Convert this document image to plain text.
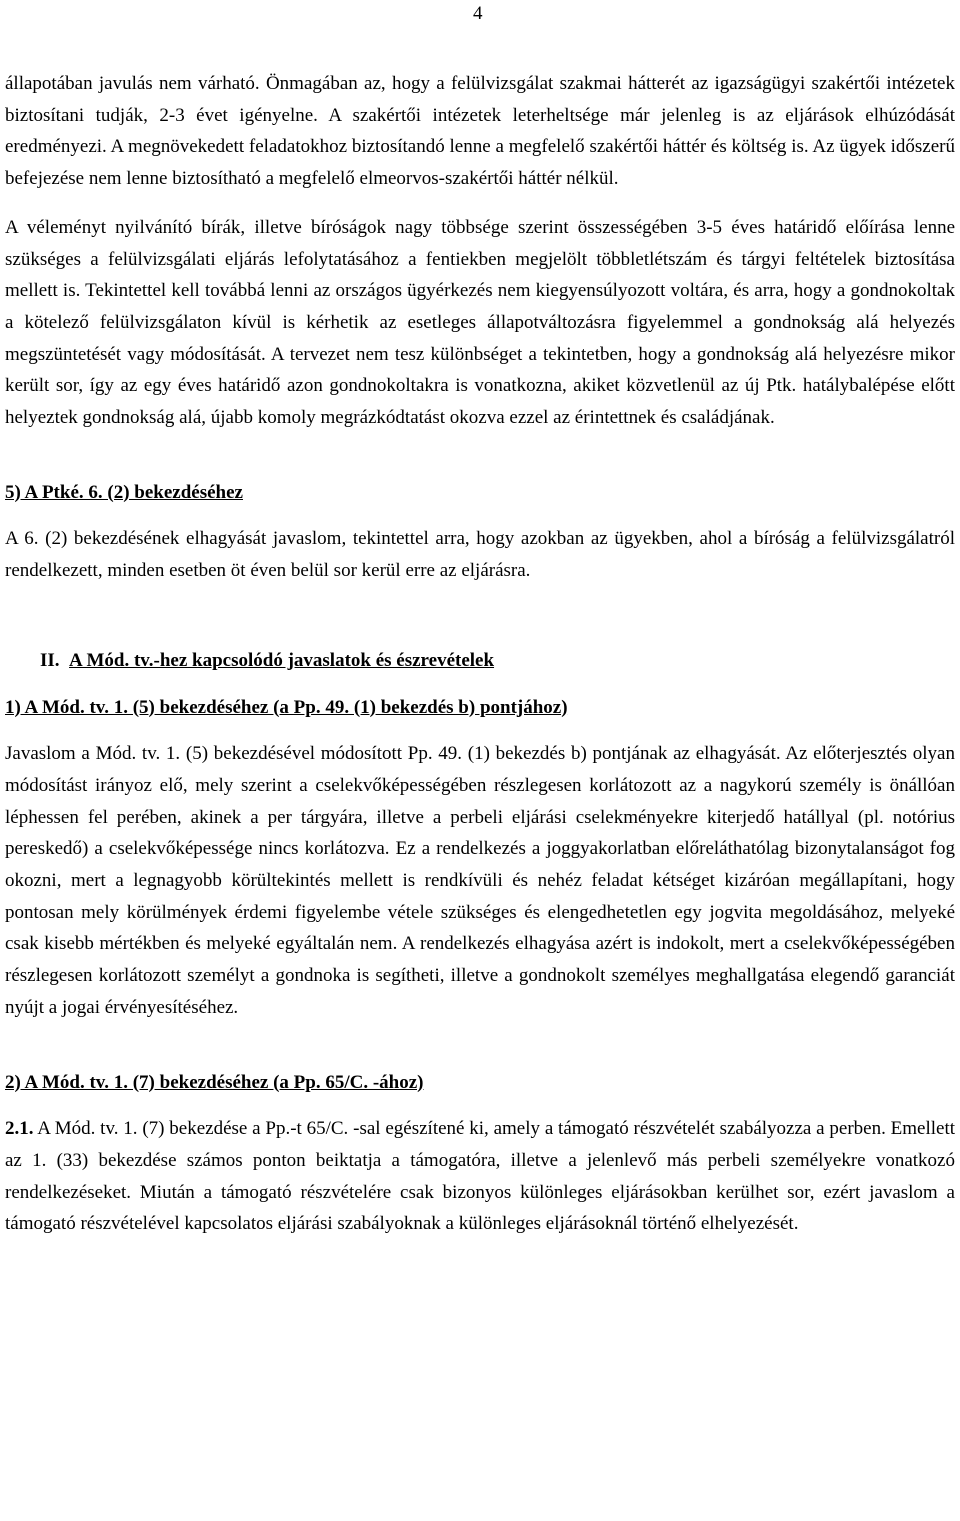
4

állapotában javulás nem várható. Önmagában az, hogy a felülvizsgálat szakmai hátterét az igazságügyi szakértői intézetek biztosítani tudják, 2-3 évet igényelne. A szakértői intézetek leterheltsége már jelenleg is az eljárások elhúzódását eredményezi. A megnövekedett feladatokhoz biztosítandó lenne a megfelelő szakértői háttér és költség is. Az ügyek időszerű befejezése nem lenne biztosítható a megfelelő elmeorvos-szakértői háttér nélkül.

A véleményt nyilvánító bírák, illetve bíróságok nagy többsége szerint összességében 3-5 éves határidő előírása lenne szükséges a felülvizsgálati eljárás lefolytatásához a fentiekben megjelölt többletlétszám és tárgyi feltételek biztosítása mellett is. Tekintettel kell továbbá lenni az országos ügyérkezés nem kiegyensúlyozott voltára, és arra, hogy a gondnokoltak a kötelező felülvizsgálaton kívül is kérhetik az esetleges állapotváltozásra figyelemmel a gondnokság alá helyezés megszüntetését vagy módosítását. A tervezet nem tesz különbséget a tekintetben, hogy a gondnokság alá helyezésre mikor került sor, így az egy éves határidő azon gondnokoltakra is vonatkozna, akiket közvetlenül az új Ptk. hatálybalépése előtt helyeztek gondnokság alá, újabb komoly megrázkódtatást okozva ezzel az érintettnek és családjának.

5) A Ptké. 6. (2) bekezdéséhez

A 6. (2) bekezdésének elhagyását javaslom, tekintettel arra, hogy azokban az ügyekben, ahol a bíróság a felülvizsgálatról rendelkezett, minden esetben öt éven belül sor kerül erre az eljárásra.

II. A Mód. tv.-hez kapcsolódó javaslatok és észrevételek

1) A Mód. tv. 1. (5) bekezdéséhez (a Pp. 49. (1) bekezdés b) pontjához)

Javaslom a Mód. tv. 1. (5) bekezdésével módosított Pp. 49. (1) bekezdés b) pontjának az elhagyását. Az előterjesztés olyan módosítást irányoz elő, mely szerint a cselekvőképességében részlegesen korlátozott az a nagykorú személy is önállóan léphessen fel perében, akinek a per tárgyára, illetve a perbeli eljárási cselekményekre kiterjedő hatállyal (pl. notórius pereskedő) a cselekvőképessége nincs korlátozva. Ez a rendelkezés a joggyakorlatban előreláthatólag bizonytalanságot fog okozni, mert a legnagyobb körültekintés mellett is rendkívüli és nehéz feladat kétséget kizáróan megállapítani, hogy pontosan mely körülmények érdemi figyelembe vétele szükséges és elengedhetetlen egy jogvita megoldásához, melyeké csak kisebb mértékben és melyeké egyáltalán nem. A rendelkezés elhagyása azért is indokolt, mert a cselekvőképességében részlegesen korlátozott személyt a gondnoka is segítheti, illetve a gondnokolt személyes meghallgatása elegendő garanciát nyújt a jogai érvényesítéséhez.

2) A Mód. tv. 1. (7) bekezdéséhez (a Pp. 65/C. -ához)

2.1. A Mód. tv. 1. (7) bekezdése a Pp.-t 65/C. -sal egészítené ki, amely a támogató részvételét szabályozza a perben. Emellett az 1. (33) bekezdése számos ponton beiktatja a támogatóra, illetve a jelenlevő más perbeli személyekre vonatkozó rendelkezéseket. Miután a támogató részvételére csak bizonyos különleges eljárásokban kerülhet sor, ezért javaslom a támogató részvételével kapcsolatos eljárási szabályoknak a különleges eljárásoknál történő elhelyezését.
